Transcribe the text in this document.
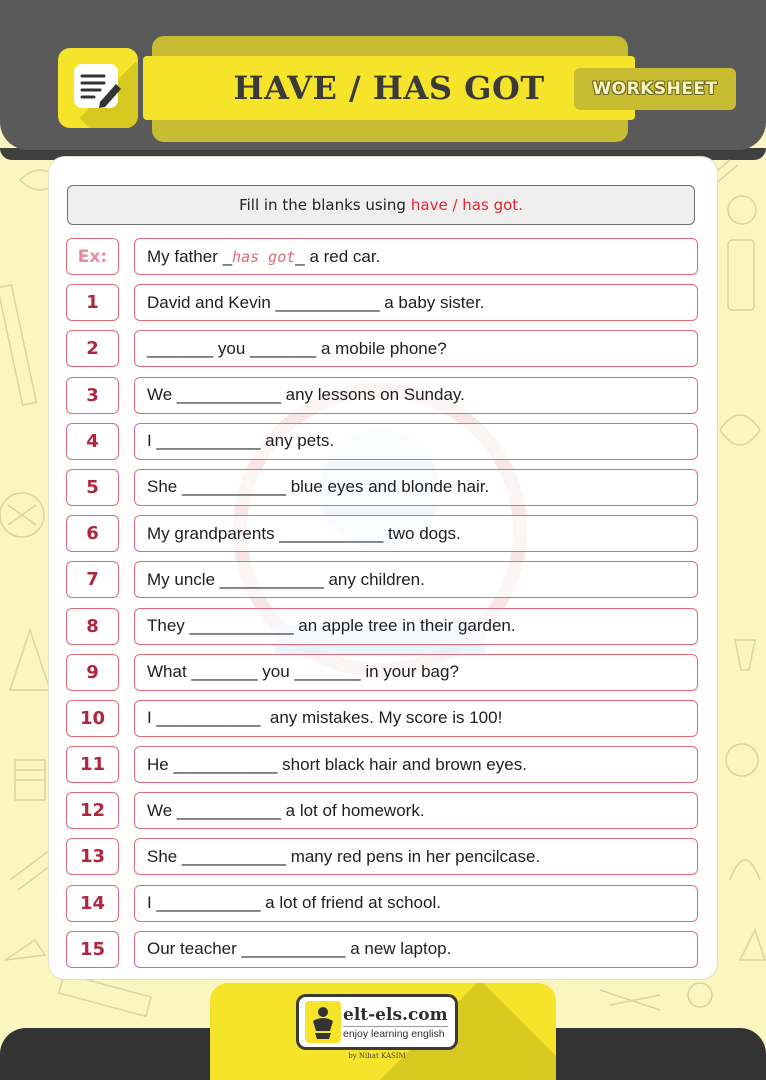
HAVE / HAS GOT	WORKSHEET
Fill in the blanks using have / has got.
Ex:	My father _ has got _ a red car.
1	David and Kevin ___________ a baby sister.
2	_______ you _______ a mobile phone?
3	We ___________ any lessons on Sunday.
4	I ___________ any pets.
5	She ___________ blue eyes and blonde hair.
6	My grandparents ___________ two dogs.
7	My uncle ___________ any children.
8	They ___________ an apple tree in their garden.
9	What _______ you _______ in your bag?
10	I ___________  any mistakes. My score is 100!
11	He ___________ short black hair and brown eyes.
12	We ___________ a lot of homework.
13	She ___________ many red pens in her pencilcase.
14	I ___________ a lot of friend at school.
15	Our teacher ___________ a new laptop.
elt-els.com
enjoy learning english
by Nihat KASIM
